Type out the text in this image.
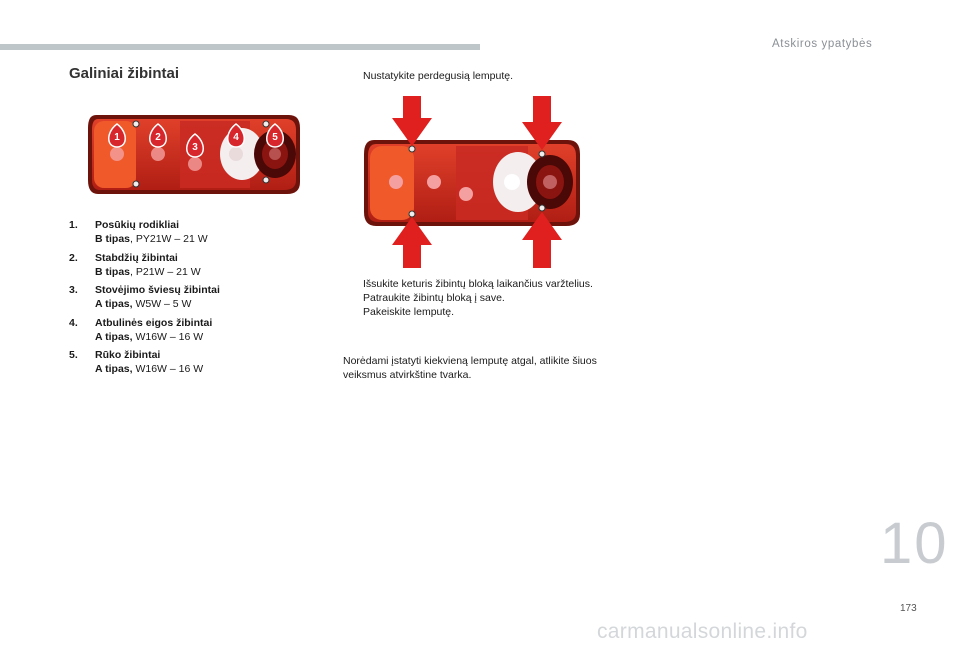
Atskiros ypatybės
Galiniai žibintai
1	2
3
4	5
1. Posūkių rodikliai
B tipas, PY21W – 21 W
2. Stabdžių žibintai
B tipas, P21W – 21 W
3. Stovėjimo šviesų žibintai
A tipas, W5W – 5 W
4. Atbulinės eigos žibintai
A tipas, W16W – 16 W
5. Rūko žibintai
A tipas, W16W – 16 W
Nustatykite perdegusią lemputę.
Išsukite keturis žibintų bloką laikančius varžtelius.
Patraukite žibintų bloką į save.
Pakeiskite lemputę.

Norėdami įstatyti kiekvieną lemputę atgal, atlikite šiuos veiksmus atvirkštine tvarka.

10
173
carmanualsonline.info
